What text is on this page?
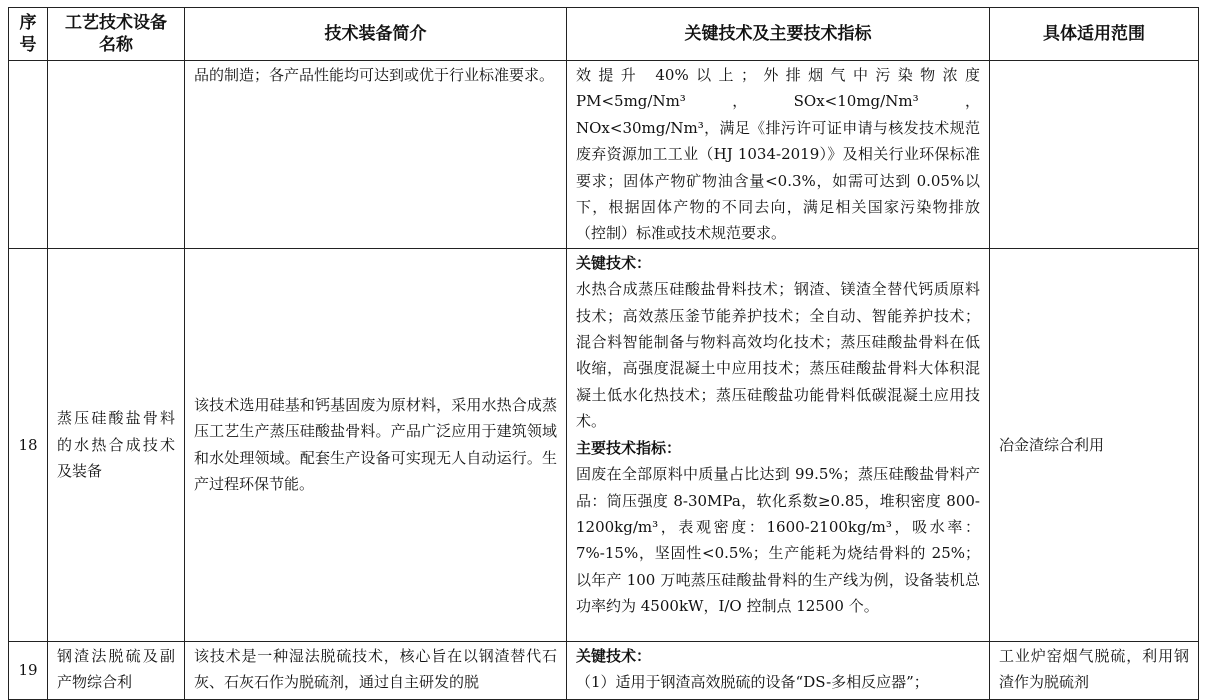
序号	工艺技术设备名称	技术装备简介	关键技术及主要技术指标	具体适用范围
		品的制造；各产品性能均可达到或优于行业标准要求。	效提升 40%以上；外排烟气中污染物浓度 PM<5mg/Nm³，SOx<10mg/Nm³，NOx<30mg/Nm³，满足《排污许可证申请与核发技术规范废弃资源加工工业（HJ 1034-2019）》及相关行业环保标准要求；固体产物矿物油含量<0.3%，如需可达到 0.05%以下，根据固体产物的不同去向，满足相关国家污染物排放（控制）标准或技术规范要求。	

18	蒸压硅酸盐骨料的水热合成技术及装备	该技术选用硅基和钙基固废为原材料，采用水热合成蒸压工艺生产蒸压硅酸盐骨料。产品广泛应用于建筑领域和水处理领域。配套生产设备可实现无人自动运行。生产过程环保节能。	关键技术：

水热合成蒸压硅酸盐骨料技术；钢渣、镁渣全替代钙质原料技术；高效蒸压釜节能养护技术；全自动、智能养护技术；混合料智能制备与物料高效均化技术；蒸压硅酸盐骨料在低收缩，高强度混凝土中应用技术；蒸压硅酸盐骨料大体积混凝土低水化热技术；蒸压硅酸盐功能骨料低碳混凝土应用技术。

主要技术指标：

固废在全部原料中质量占比达到 99.5%；蒸压硅酸盐骨料产品：筒压强度 8-30MPa，软化系数≥0.85，堆积密度 800-1200kg/m³，表观密度：1600-2100kg/m³，吸水率：7%-15%，坚固性<0.5%；生产能耗为烧结骨料的 25%；以年产 100 万吨蒸压硅酸盐骨料的生产线为例，设备装机总功率约为 4500kW，I/O 控制点 12500 个。	冶金渣综合利用
19	钢渣法脱硫及副产物综合利	该技术是一种湿法脱硫技术，核心旨在以钢渣替代石灰、石灰石作为脱硫剂，通过自主研发的脱	关键技术：

（1）适用于钢渣高效脱硫的设备“DS-多相反应器”；	工业炉窑烟气脱硫，利用钢渣作为脱硫剂
